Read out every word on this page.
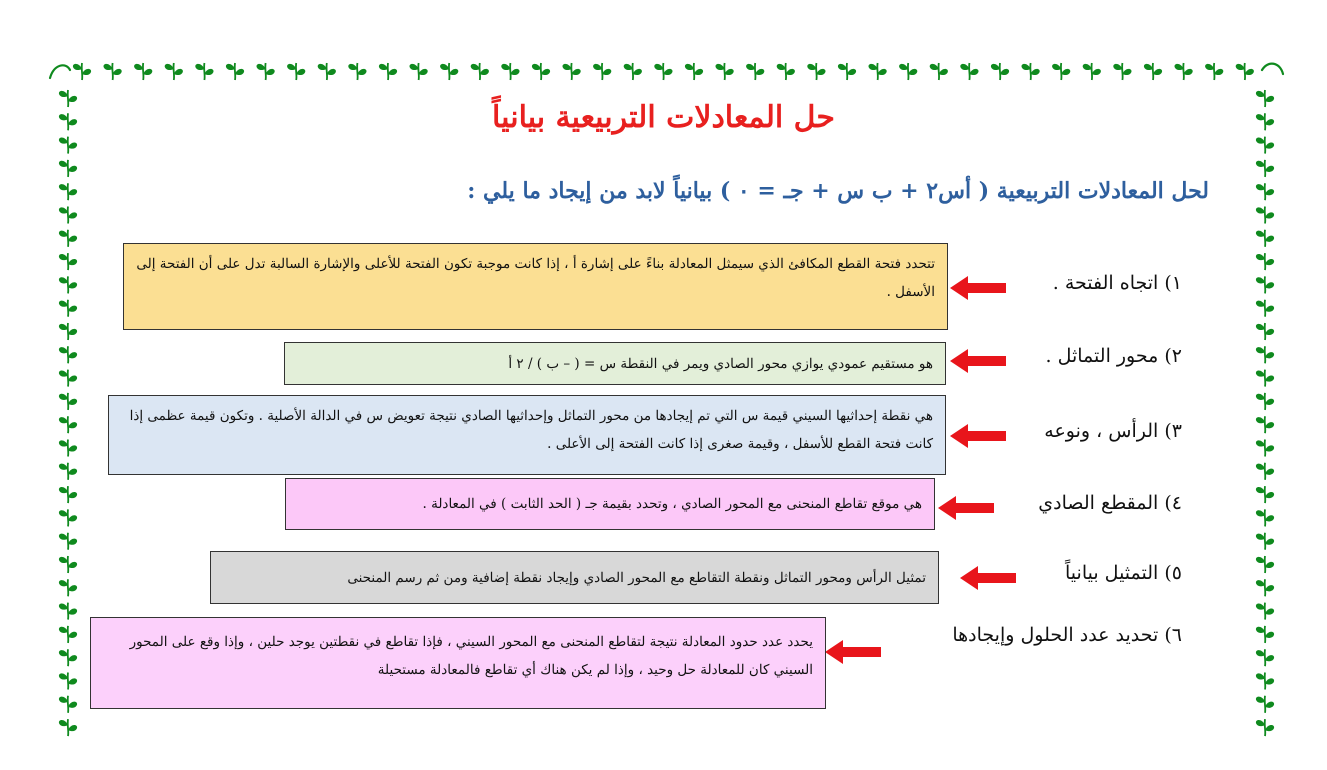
حل المعادلات التربيعية بيانياً
لحل المعادلات التربيعية ( أس٢ + ب س + جـ = ٠ ) بيانياً لابد من إيجاد ما يلي :
١) اتجاه الفتحة .
تتحدد فتحة القطع المكافئ الذي سيمثل المعادلة بناءً على إشارة أ ، إذا كانت موجبة تكون الفتحة للأعلى والإشارة السالبة تدل على أن الفتحة إلى الأسفل .
٢) محور التماثل .
هو مستقيم عمودي يوازي محور الصادي ويمر في النقطة س = ( – ب ) / ٢ أ
٣) الرأس ، ونوعه
هي نقطة إحداثيها السيني قيمة س التي تم إيجادها من محور التماثل وإحداثيها الصادي نتيجة تعويض س في الدالة الأصلية . وتكون قيمة عظمى إذا كانت فتحة القطع للأسفل ، وقيمة صغرى إذا كانت الفتحة إلى الأعلى .
٤) المقطع الصادي
هي موقع تقاطع المنحنى مع المحور الصادي ، وتحدد بقيمة جـ ( الحد الثابت ) في المعادلة .
٥) التمثيل بيانياً
تمثيل الرأس ومحور التماثل ونقطة التقاطع مع المحور الصادي وإيجاد نقطة إضافية ومن ثم رسم المنحنى
٦) تحديد عدد الحلول وإيجادها
يحدد عدد حدود المعادلة نتيجة لتقاطع المنحنى مع المحور السيني ، فإذا تقاطع في نقطتين يوجد حلين ، وإذا وقع على المحور السيني كان للمعادلة حل وحيد ، وإذا لم يكن هناك أي تقاطع فالمعادلة مستحيلة
